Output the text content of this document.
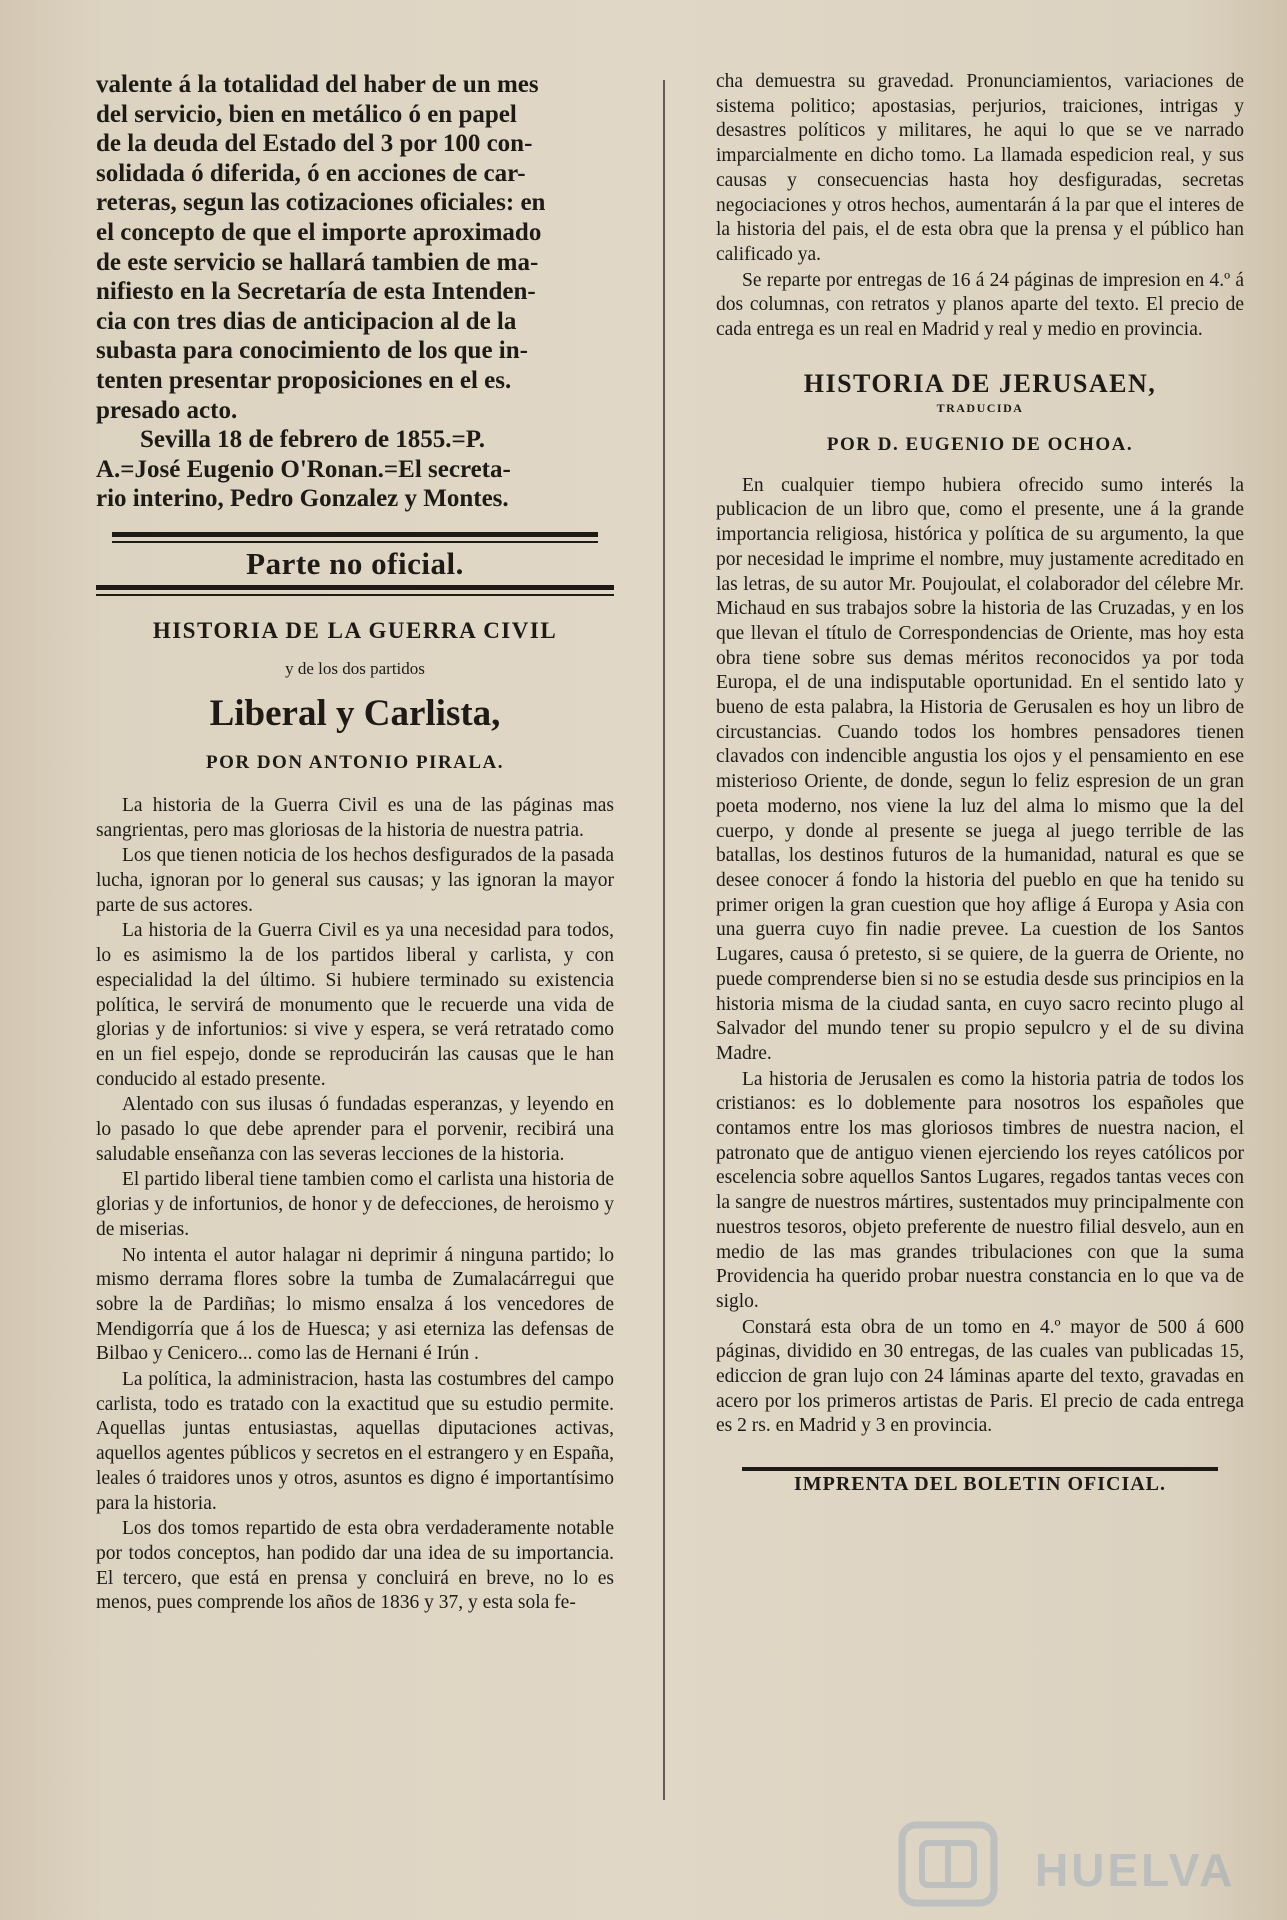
valente á la totalidad del haber de un mes
del servicio, bien en metálico ó en papel
de la deuda del Estado del 3 por 100 con-
solidada ó diferida, ó en acciones de car-
reteras, segun las cotizaciones oficiales: en
el concepto de que el importe aproximado
de este servicio se hallará tambien de ma-
nifiesto en la Secretaría de esta Intenden-
cia con tres dias de anticipacion al de la
subasta para conocimiento de los que in-
tenten presentar proposiciones en el es.
presado acto.
Sevilla 18 de febrero de 1855.=P.
A.=José Eugenio O'Ronan.=El secreta-
rio interino, Pedro Gonzalez y Montes.
Parte no oficial.
HISTORIA DE LA GUERRA CIVIL
y de los dos partidos
Liberal y Carlista,
POR DON ANTONIO PIRALA.

La historia de la Guerra Civil es una de las páginas mas sangrientas, pero mas gloriosas de la historia de nuestra patria.

Los que tienen noticia de los hechos desfigurados de la pasada lucha, ignoran por lo general sus causas; y las ignoran la mayor parte de sus actores.

La historia de la Guerra Civil es ya una necesidad para todos, lo es asimismo la de los partidos liberal y carlista, y con especialidad la del último. Si hubiere terminado su existencia política, le servirá de monumento que le recuerde una vida de glorias y de infortunios: si vive y espera, se verá retratado como en un fiel espejo, donde se reproducirán las causas que le han conducido al estado presente.

Alentado con sus ilusas ó fundadas esperanzas, y leyendo en lo pasado lo que debe aprender para el porvenir, recibirá una saludable enseñanza con las severas lecciones de la historia.

El partido liberal tiene tambien como el carlista una historia de glorias y de infortunios, de honor y de defecciones, de heroismo y de miserias.

No intenta el autor halagar ni deprimir á ninguna partido; lo mismo derrama flores sobre la tumba de Zumalacárregui que sobre la de Pardiñas; lo mismo ensalza á los vencedores de Mendigorría que á los de Huesca; y asi eterniza las defensas de Bilbao y Cenicero... como las de Hernani é Irún .

La política, la administracion, hasta las costumbres del campo carlista, todo es tratado con la exactitud que su estudio permite. Aquellas juntas entusiastas, aquellas diputaciones activas, aquellos agentes públicos y secretos en el estrangero y en España, leales ó traidores unos y otros, asuntos es digno é importantísimo para la historia.

Los dos tomos repartido de esta obra verdaderamente notable por todos conceptos, han podido dar una idea de su importancia. El tercero, que está en prensa y concluirá en breve, no lo es menos, pues comprende los años de 1836 y 37, y esta sola fe-

cha demuestra su gravedad. Pronunciamientos, variaciones de sistema politico; apostasias, perjurios, traiciones, intrigas y desastres políticos y militares, he aqui lo que se ve narrado imparcialmente en dicho tomo. La llamada espedicion real, y sus causas y consecuencias hasta hoy desfiguradas, secretas negociaciones y otros hechos, aumentarán á la par que el interes de la historia del pais, el de esta obra que la prensa y el público han calificado ya.

Se reparte por entregas de 16 á 24 páginas de impresion en 4.º á dos columnas, con retratos y planos aparte del texto. El precio de cada entrega es un real en Madrid y real y medio en provincia.

HISTORIA DE JERUSAEN,
TRADUCIDA
POR D. EUGENIO DE OCHOA.

En cualquier tiempo hubiera ofrecido sumo interés la publicacion de un libro que, como el presente, une á la grande importancia religiosa, histórica y política de su argumento, la que por necesidad le imprime el nombre, muy justamente acreditado en las letras, de su autor Mr. Poujoulat, el colaborador del célebre Mr. Michaud en sus trabajos sobre la historia de las Cruzadas, y en los que llevan el título de Correspondencias de Oriente, mas hoy esta obra tiene sobre sus demas méritos reconocidos ya por toda Europa, el de una indisputable oportunidad. En el sentido lato y bueno de esta palabra, la Historia de Gerusalen es hoy un libro de circustancias. Cuando todos los hombres pensadores tienen clavados con indencible angustia los ojos y el pensamiento en ese misterioso Oriente, de donde, segun lo feliz espresion de un gran poeta moderno, nos viene la luz del alma lo mismo que la del cuerpo, y donde al presente se juega al juego terrible de las batallas, los destinos futuros de la humanidad, natural es que se desee conocer á fondo la historia del pueblo en que ha tenido su primer origen la gran cuestion que hoy aflige á Europa y Asia con una guerra cuyo fin nadie prevee. La cuestion de los Santos Lugares, causa ó pretesto, si se quiere, de la guerra de Oriente, no puede comprenderse bien si no se estudia desde sus principios en la historia misma de la ciudad santa, en cuyo sacro recinto plugo al Salvador del mundo tener su propio sepulcro y el de su divina Madre.

La historia de Jerusalen es como la historia patria de todos los cristianos: es lo doblemente para nosotros los españoles que contamos entre los mas gloriosos timbres de nuestra nacion, el patronato que de antiguo vienen ejerciendo los reyes católicos por escelencia sobre aquellos Santos Lugares, regados tantas veces con la sangre de nuestros mártires, sustentados muy principalmente con nuestros tesoros, objeto preferente de nuestro filial desvelo, aun en medio de las mas grandes tribulaciones con que la suma Providencia ha querido probar nuestra constancia en lo que va de siglo.

Constará esta obra de un tomo en 4.º mayor de 500 á 600 páginas, dividido en 30 entregas, de las cuales van publicadas 15, ediccion de gran lujo con 24 láminas aparte del texto, gravadas en acero por los primeros artistas de Paris. El precio de cada entrega es 2 rs. en Madrid y 3 en provincia.

IMPRENTA DEL BOLETIN OFICIAL.
HUELVA
